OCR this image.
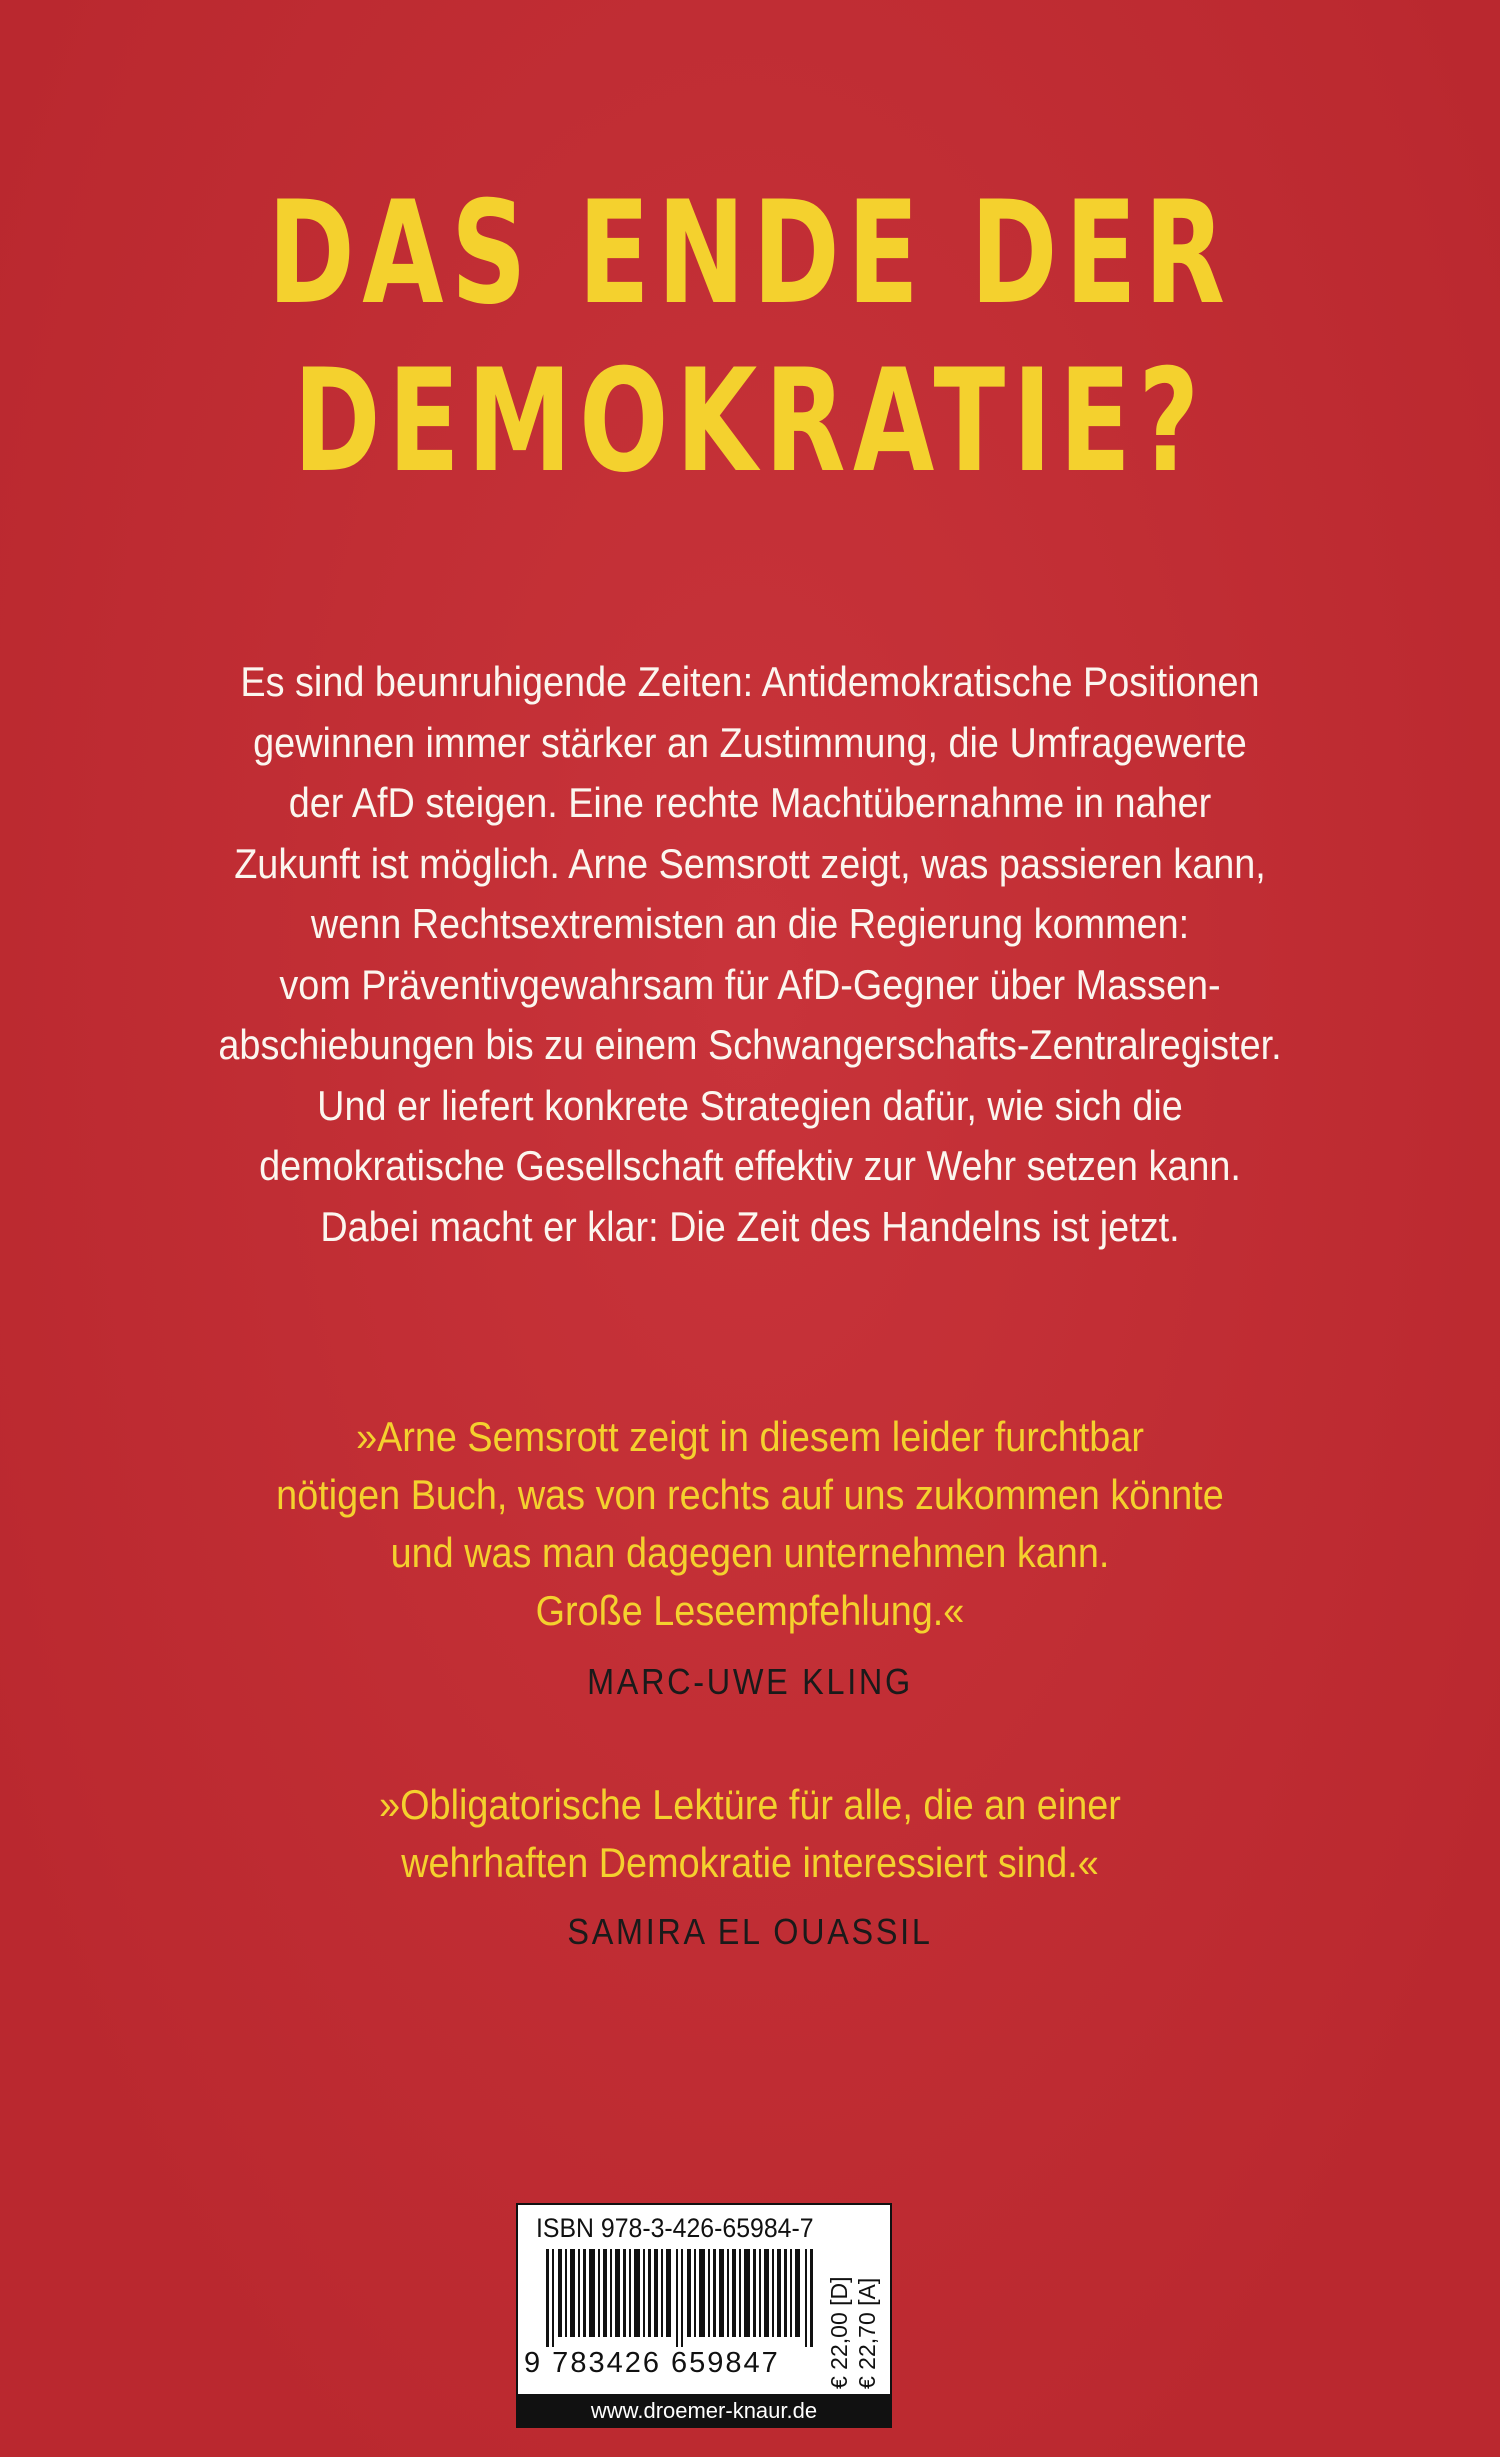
DAS ENDE DER
DEMOKRATIE?
Es sind beunruhigende Zeiten: Antidemokratische Positionen
gewinnen immer stärker an Zustimmung, die Umfragewerte
der AfD steigen. Eine rechte Machtübernahme in naher
Zukunft ist möglich. Arne Semsrott zeigt, was passieren kann,
wenn Rechtsextremisten an die Regierung kommen:
vom Präventivgewahrsam für AfD-Gegner über Massen-
abschiebungen bis zu einem Schwangerschafts-Zentralregister.
Und er liefert konkrete Strategien dafür, wie sich die
demokratische Gesellschaft effektiv zur Wehr setzen kann.
Dabei macht er klar: Die Zeit des Handelns ist jetzt.
»Arne Semsrott zeigt in diesem leider furchtbar
nötigen Buch, was von rechts auf uns zukommen könnte
und was man dagegen unternehmen kann.
Große Leseempfehlung.«
MARC-UWE KLING
»Obligatorische Lektüre für alle, die an einer
wehrhaften Demokratie interessiert sind.«
SAMIRA EL OUASSIL
ISBN 978-3-426-65984-7
9 783426 659847	€ 22,00 [D] € 22,70 [A]
www.droemer-knaur.de
